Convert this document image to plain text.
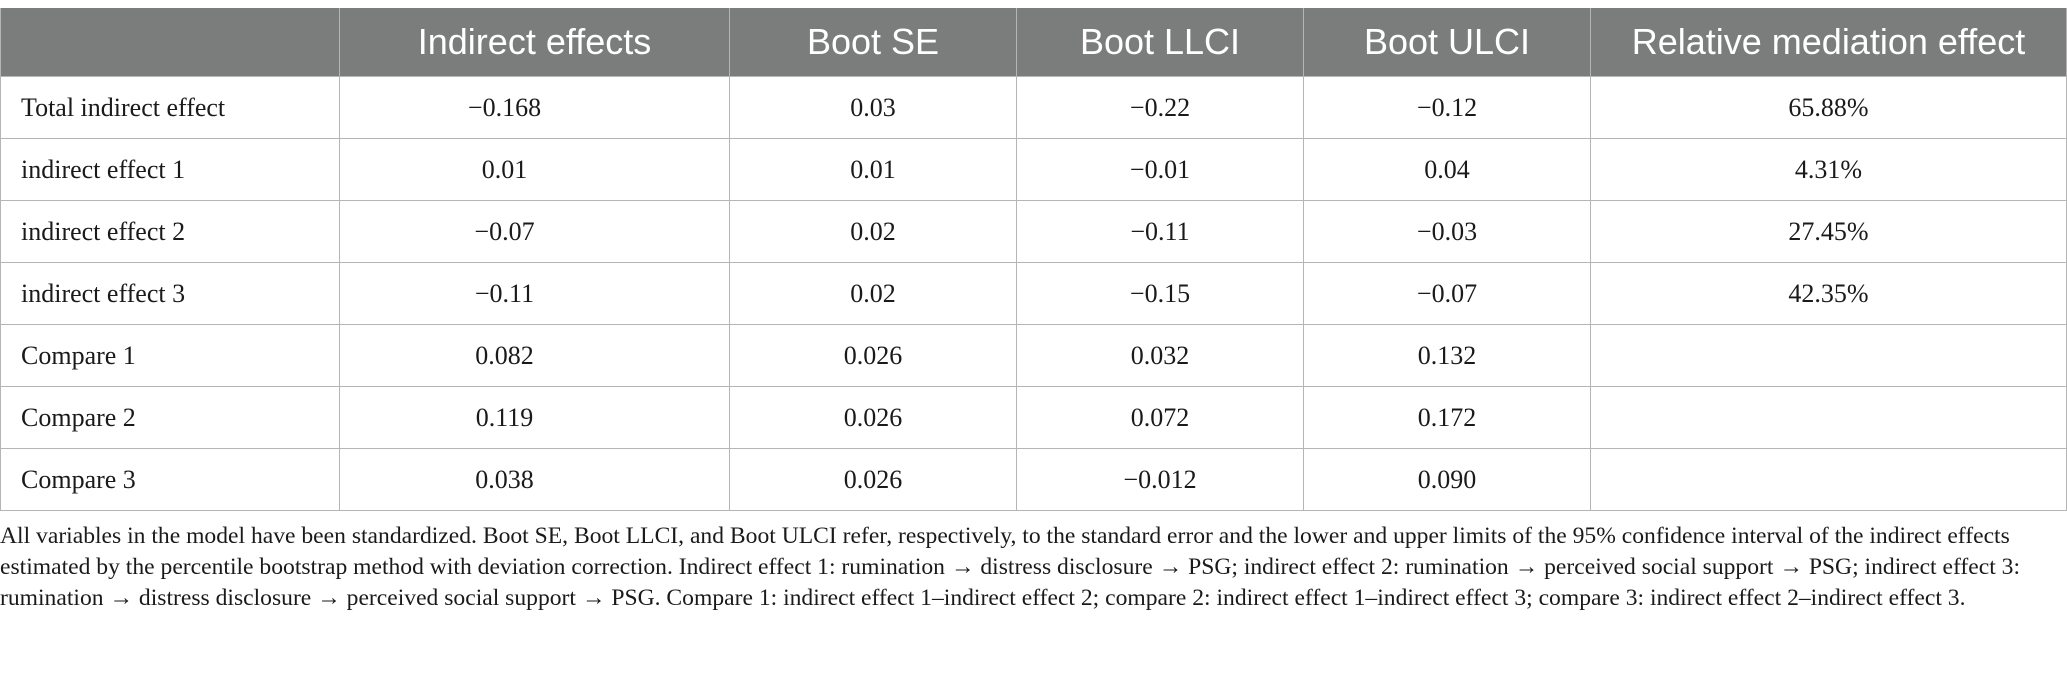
	Indirect effects	Boot SE	Boot LLCI	Boot ULCI	Relative mediation effect
Total indirect effect	−0.168	0.03	−0.22	−0.12	65.88%
indirect effect 1	0.01	0.01	−0.01	0.04	4.31%
indirect effect 2	−0.07	0.02	−0.11	−0.03	27.45%
indirect effect 3	−0.11	0.02	−0.15	−0.07	42.35%
Compare 1	0.082	0.026	0.032	0.132	
Compare 2	0.119	0.026	0.072	0.172	
Compare 3	0.038	0.026	−0.012	0.090	

All variables in the model have been standardized. Boot SE, Boot LLCI, and Boot ULCI refer, respectively, to the standard error and the lower and upper limits of the 95% confidence interval of the indirect effects estimated by the percentile bootstrap method with deviation correction. Indirect effect 1: rumination → distress disclosure → PSG; indirect effect 2: rumination → perceived social support → PSG; indirect effect 3: rumination → distress disclosure → perceived social support → PSG. Compare 1: indirect effect 1–indirect effect 2; compare 2: indirect effect 1–indirect effect 3; compare 3: indirect effect 2–indirect effect 3.
